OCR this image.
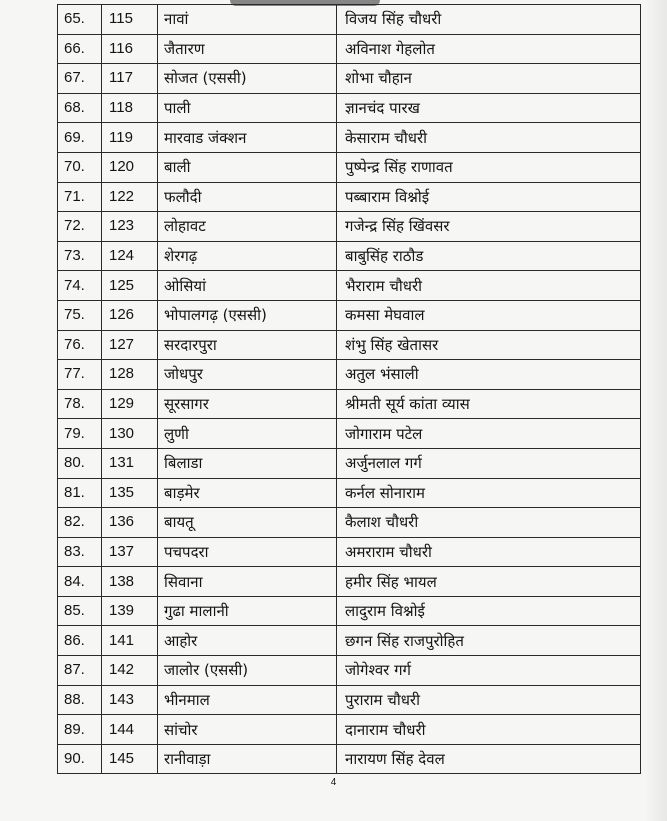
65.	115	नावां	विजय सिंह चौधरी
66.	116	जैतारण	अविनाश गेहलोत
67.	117	सोजत (एससी)	शोभा चौहान
68.	118	पाली	ज्ञानचंद पारख
69.	119	मारवाड जंक्शन	केसाराम चौधरी
70.	120	बाली	पुष्पेन्द्र सिंह राणावत
71.	122	फलौदी	पब्बाराम विश्नोई
72.	123	लोहावट	गजेन्द्र सिंह खिंवसर
73.	124	शेरगढ़	बाबुसिंह राठौड
74.	125	ओसियां	भैराराम चौधरी
75.	126	भोपालगढ़ (एससी)	कमसा मेघवाल
76.	127	सरदारपुरा	शंभु सिंह खेतासर
77.	128	जोधपुर	अतुल भंसाली
78.	129	सूरसागर	श्रीमती सूर्य कांता व्यास
79.	130	लुणी	जोगाराम पटेल
80.	131	बिलाडा	अर्जुनलाल गर्ग
81.	135	बाड़मेर	कर्नल सोनाराम
82.	136	बायतू	कैलाश चौधरी
83.	137	पचपदरा	अमराराम चौधरी
84.	138	सिवाना	हमीर सिंह भायल
85.	139	गुढा मालानी	लादुराम विश्नोई
86.	141	आहोर	छगन सिंह राजपुरोहित
87.	142	जालोर (एससी)	जोगेश्वर गर्ग
88.	143	भीनमाल	पुराराम चौधरी
89.	144	सांचोर	दानाराम चौधरी
90.	145	रानीवाड़ा	नारायण सिंह देवल
4
